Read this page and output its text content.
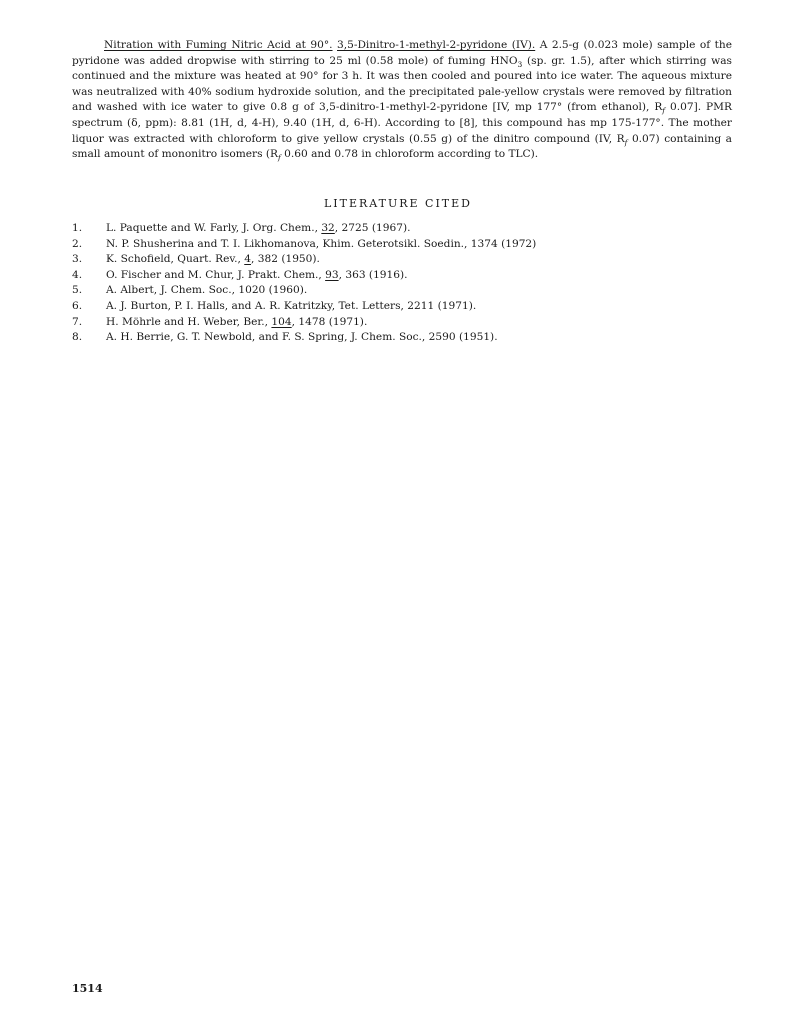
Nitration with Fuming Nitric Acid at 90°. 3,5-Dinitro-1-methyl-2-pyridone (IV). A 2.5-g (0.023 mole) sample of the pyridone was added dropwise with stirring to 25 ml (0.58 mole) of fuming $HNO_3$ (sp. gr. 1.5), after which stirring was continued and the mixture was heated at 90° for 3 h. It was then cooled and poured into ice water. The aqueous mixture was neutralized with 40% sodium hydroxide solution, and the precipitated pale-yellow crystals were removed by filtration and washed with ice water to give 0.8 g of 3,5-dinitro-1-methyl-2-pyridone [IV, mp 177° (from ethanol), $R_f$ 0.07]. PMR spectrum (δ, ppm): 8.81 (1H, d, 4-H), 9.40 (1H, d, 6-H). According to [8], this compound has mp 175-177°. The mother liquor was extracted with chloroform to give yellow crystals (0.55 g) of the dinitro compound (IV, $R_f$ 0.07) containing a small amount of mononitro isomers ($R_f$ 0.60 and 0.78 in chloroform according to TLC).

LITERATURE CITED
1. L. Paquette and W. Farly, J. Org. Chem., 32, 2725 (1967).
2. N. P. Shusherina and T. I. Likhomanova, Khim. Geterotsikl. Soedin., 1374 (1972)
3. K. Schofield, Quart. Rev., 4, 382 (1950).
4. O. Fischer and M. Chur, J. Prakt. Chem., 93, 363 (1916).
5. A. Albert, J. Chem. Soc., 1020 (1960).
6. A. J. Burton, P. I. Halls, and A. R. Katritzky, Tet. Letters, 2211 (1971).
7. H. Möhrle and H. Weber, Ber., 104, 1478 (1971).
8. A. H. Berrie, G. T. Newbold, and F. S. Spring, J. Chem. Soc., 2590 (1951).
1514
